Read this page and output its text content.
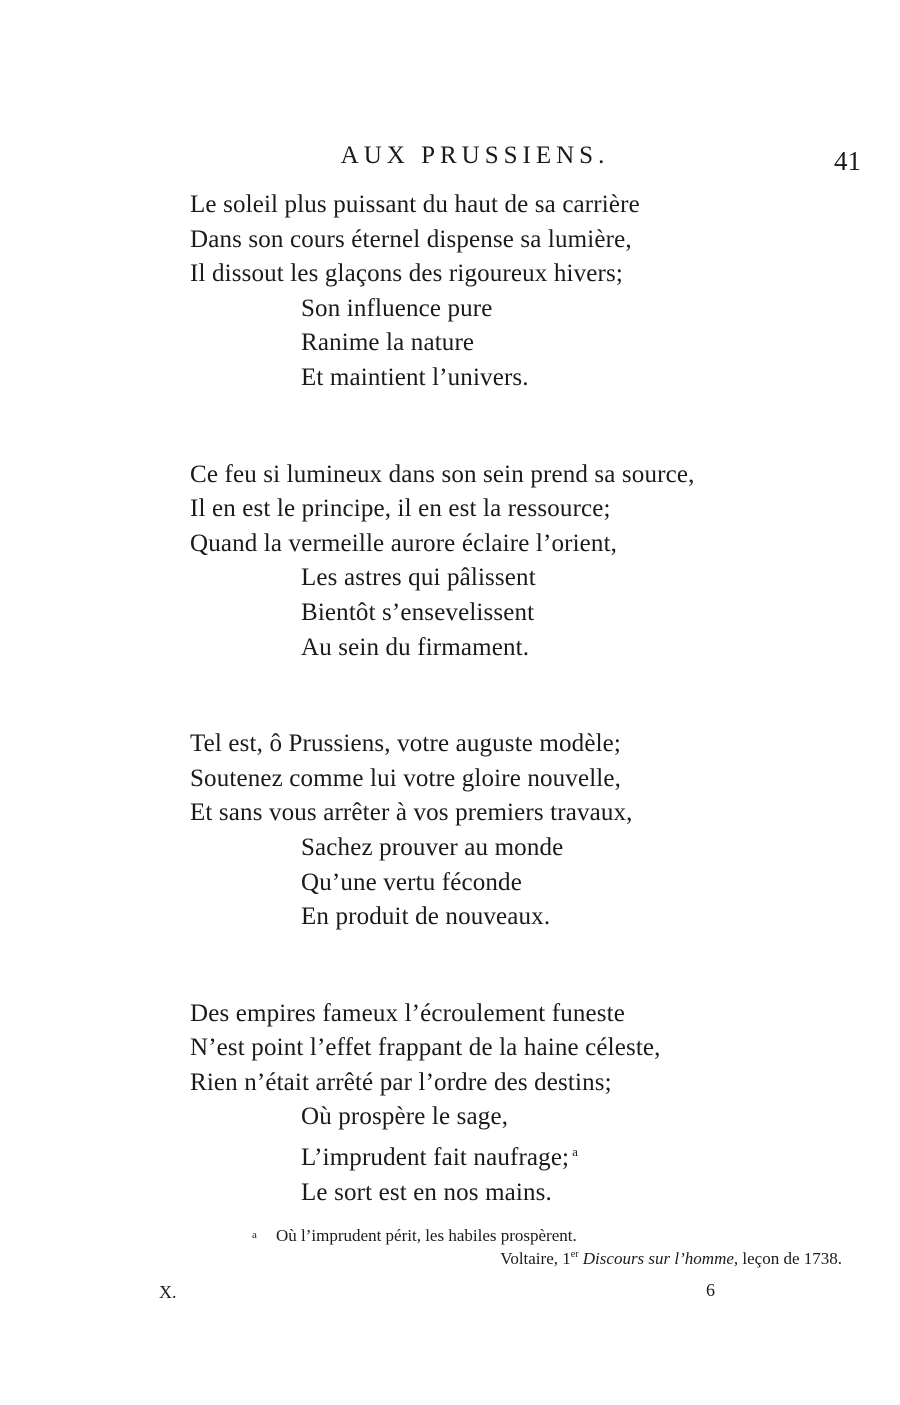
AUX PRUSSIENS.	41
Le soleil plus puissant du haut de sa carrière
Dans son cours éternel dispense sa lumière,
Il dissout les glaçons des rigoureux hivers;
Son influence pure
Ranime la nature
Et maintient l’univers.
Ce feu si lumineux dans son sein prend sa source,
Il en est le principe, il en est la ressource;
Quand la vermeille aurore éclaire l’orient,
Les astres qui pâlissent
Bientôt s’ensevelissent
Au sein du firmament.
Tel est, ô Prussiens, votre auguste modèle;
Soutenez comme lui votre gloire nouvelle,
Et sans vous arrêter à vos premiers travaux,
Sachez prouver au monde
Qu’une vertu féconde
En produit de nouveaux.
Des empires fameux l’écroulement funeste
N’est point l’effet frappant de la haine céleste,
Rien n’était arrêté par l’ordre des destins;
Où prospère le sage,
L’imprudent fait naufrage; $^a$
Le sort est en nos mains.
a Où l’imprudent périt, les habiles prospèrent.
Voltaire, 1er Discours sur l’homme, leçon de 1738.
X.	6
